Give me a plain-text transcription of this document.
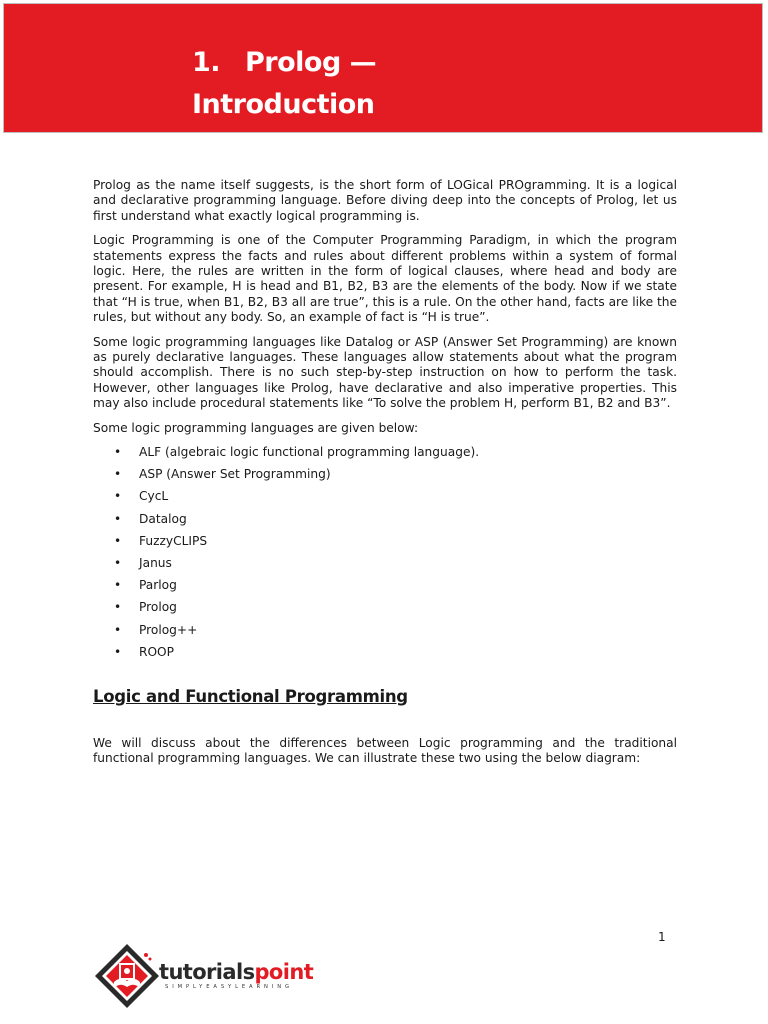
1. Prolog —
Introduction

Prolog as the name itself suggests, is the short form of LOGical PROgramming. It is a logical and declarative programming language. Before diving deep into the concepts of Prolog, let us first understand what exactly logical programming is.

Logic Programming is one of the Computer Programming Paradigm, in which the program statements express the facts and rules about different problems within a system of formal logic. Here, the rules are written in the form of logical clauses, where head and body are present. For example, H is head and B1, B2, B3 are the elements of the body. Now if we state that “H is true, when B1, B2, B3 all are true”, this is a rule. On the other hand, facts are like the rules, but without any body. So, an example of fact is “H is true”.

Some logic programming languages like Datalog or ASP (Answer Set Programming) are known as purely declarative languages. These languages allow statements about what the program should accomplish. There is no such step-by-step instruction on how to perform the task. However, other languages like Prolog, have declarative and also imperative properties. This may also include procedural statements like “To solve the problem H, perform B1, B2 and B3”.

Some logic programming languages are given below:

• ALF (algebraic logic functional programming language).
• ASP (Answer Set Programming)
• CycL
• Datalog
• FuzzyCLIPS
• Janus
• Parlog
• Prolog
• Prolog++
• ROOP
Logic and Functional Programming

We will discuss about the differences between Logic programming and the traditional functional programming languages. We can illustrate these two using the below diagram:

1
tutorialspoint
SIMPLYEASYLEARNING
